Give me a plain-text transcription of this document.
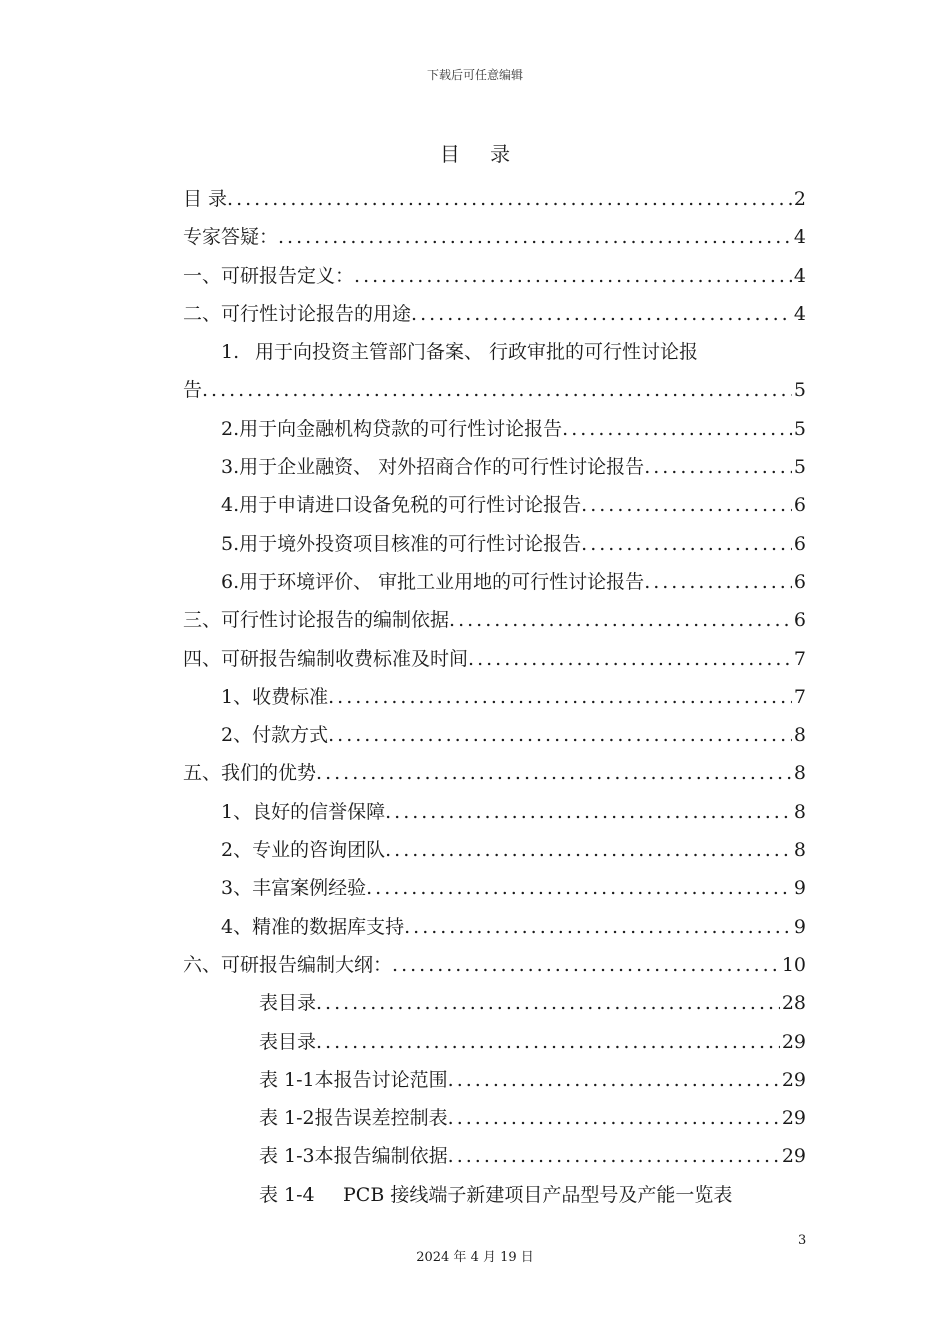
下载后可任意编辑
目 录
目 录 .....	2
专家答疑： .....	4
一、 可研报告定义： .....	4
二、 可行性讨论报告的用途 .....	4
1. 用于向投资主管部门备案、 行政审批的可行性讨论报
告 .....	5
2. 用于向金融机构贷款的可行性讨论报告 .....	5
3. 用于企业融资、 对外招商合作的可行性讨论报告 .....	5
4. 用于申请进口设备免税的可行性讨论报告 .....	6
5. 用于境外投资项目核准的可行性讨论报告 .....	6
6. 用于环境评价、 审批工业用地的可行性讨论报告 .....	6
三、 可行性讨论报告的编制依据 .....	6
四、 可研报告编制收费标准及时间 .....	7
1、 收费标准 .....	7
2、 付款方式 .....	8
五、 我们的优势 .....	8
1、 良好的信誉保障 .....	8
2、 专业的咨询团队 .....	8
3、 丰富案例经验 .....	9
4、 精准的数据库支持 .....	9
六、 可研报告编制大纲： .....	10
表目录 .....	28
表目录 .....	29
表 1-1 本报告讨论范围 .....	29
表 1-2 报告误差控制表 .....	29
表 1-3 本报告编制依据 .....	29
表 1-4	PCB 接线端子新建项目产品型号及产能一览表
3
2024 年 4 月 19 日
